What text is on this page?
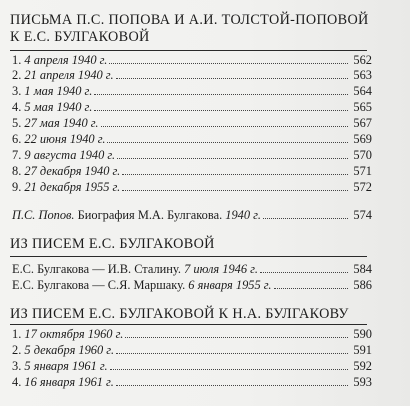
ПИСЬМА П.С. ПОПОВА И А.И. ТОЛСТОЙ-ПОПОВОЙ
К Е.С. БУЛГАКОВОЙ
1. 4 апреля 1940 г.	562
2. 21 апреля 1940 г.	563
3. 1 мая 1940 г.	564
4. 5 мая 1940 г.	565
5. 27 мая 1940 г.	567
6. 22 июня 1940 г.	569
7. 9 августа 1940 г.	570
8. 27 декабря 1940 г.	571
9. 21 декабря 1955 г.	572
П.С. Попов. Биография М.А. Булгакова. 1940 г.	574
ИЗ ПИСЕМ Е.С. БУЛГАКОВОЙ
Е.С. Булгакова — И.В. Сталину. 7 июля 1946 г.	584
Е.С. Булгакова — С.Я. Маршаку. 6 января 1955 г.	586
ИЗ ПИСЕМ Е.С. БУЛГАКОВОЙ К Н.А. БУЛГАКОВУ
1. 17 октября 1960 г.	590
2. 5 декабря 1960 г.	591
3. 5 января 1961 г.	592
4. 16 января 1961 г.	593
